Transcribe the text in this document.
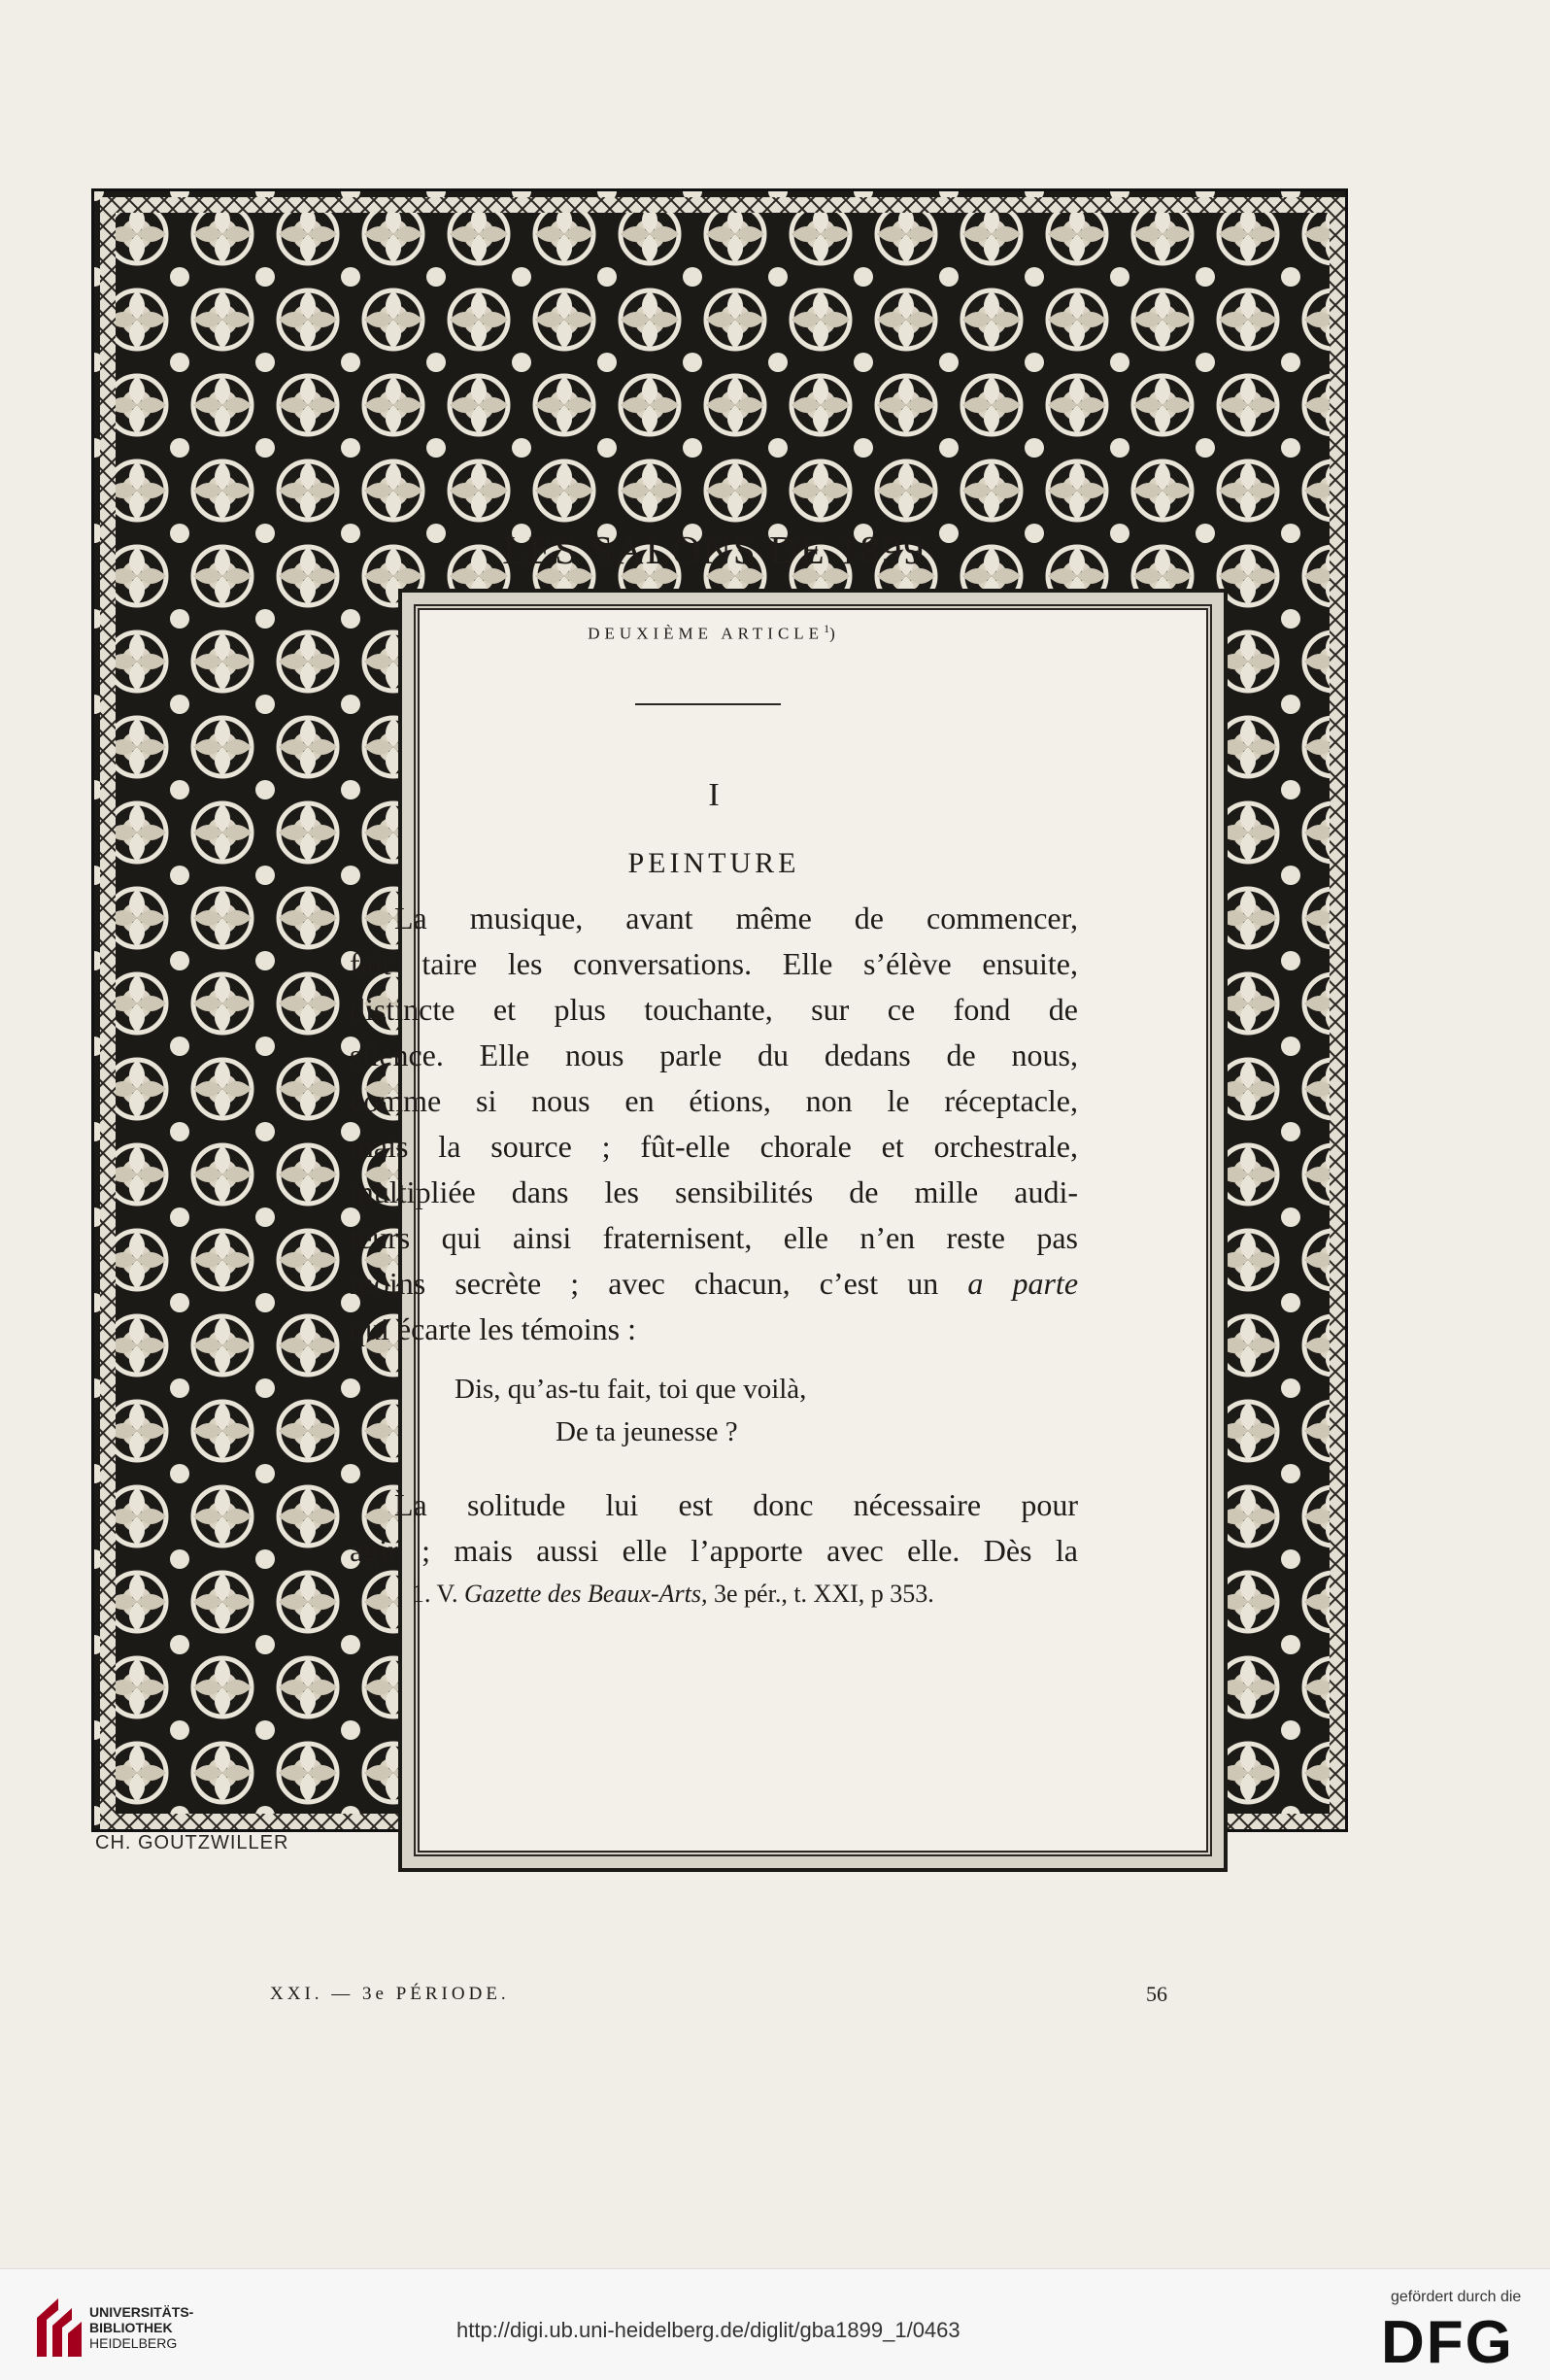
LES SALONS DE 1899
DEUXIÈME ARTICLE$^1$)
I
PEINTURE
La musique, avant même de commencer,
fait taire les conversations. Elle s’élève ensuite,
distincte et plus touchante, sur ce fond de
silence. Elle nous parle du dedans de nous,
comme si nous en étions, non le réceptacle,
mais la source ; fût-elle chorale et orchestrale,
multipliée dans les sensibilités de mille audi-
teurs qui ainsi fraternisent, elle n’en reste pas
moins secrète ; avec chacun, c’est un a parte
qui écarte les témoins :
Dis, qu’as-tu fait, toi que voilà,
De ta jeunesse ?
La solitude lui est donc nécessaire pour
agir ; mais aussi elle l’apporte avec elle. Dès la
1. V. Gazette des Beaux-Arts, 3e pér., t. XXI, p 353.
CH. GOUTZWILLER
XXI. — 3e PÉRIODE.	56
UNIVERSITÄTS-
BIBLIOTHEK
HEIDELBERG
http://digi.ub.uni-heidelberg.de/diglit/gba1899_1/0463
gefördert durch die
DFG
